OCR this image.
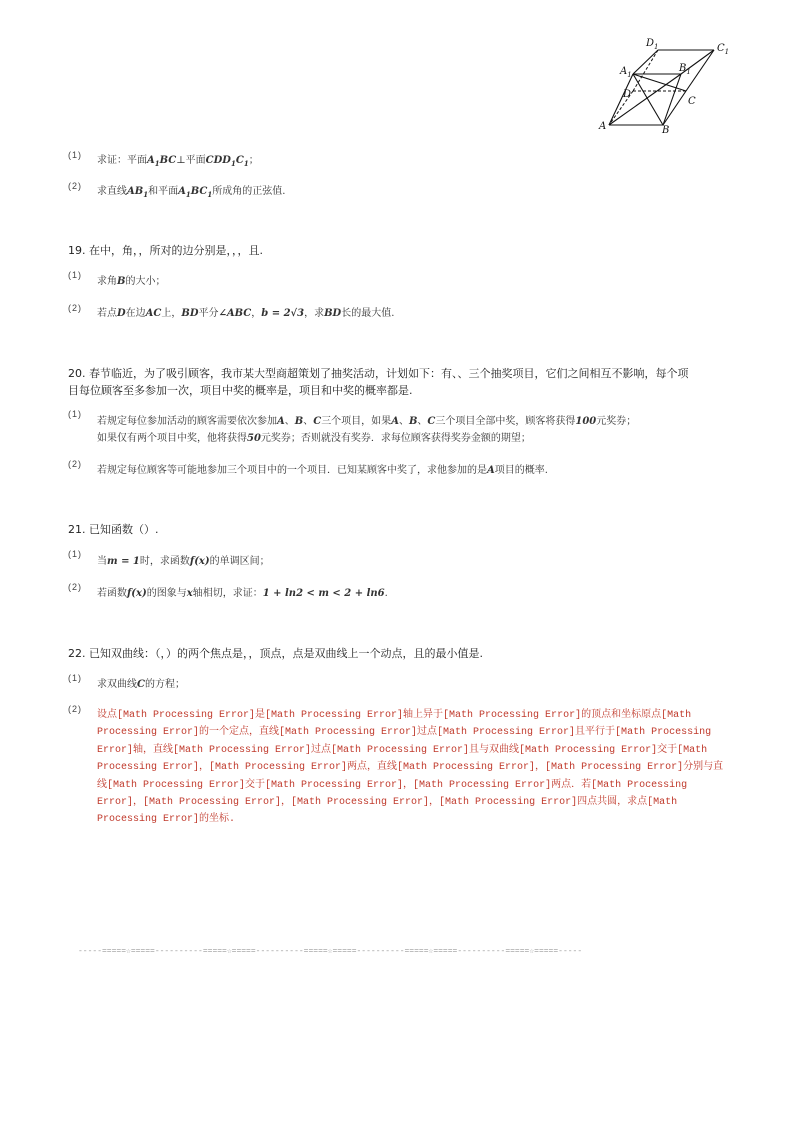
$D_1$	$C_1$
$A_1$
$B_1$
D
C
A	B
(1) 求证：平面$A_1BC\perp$平面$CDD_1C_1$；
(2) 求直线$AB_1$和平面$A_1BC_1$所成角的正弦值.
19. 在中，角，，所对的边分别是，，，且.
(1)
求角B的大小；
(2) 若点D在边AC上，BD平分∠ABC，b = 2√3，求BD长的最大值.
20. 春节临近，为了吸引顾客，我市某大型商超策划了抽奖活动，计划如下：有、、三个抽奖项目，它们之间相互不影响，每个项
目每位顾客至多参加一次，项目中奖的概率是，项目和中奖的概率都是.
(1)
若规定每位参加活动的顾客需要依次参加A、B、C三个项目，如果A、B、C三个项目全部中奖，顾客将获得100元奖券；
如果仅有两个项目中奖，他将获得50元奖券；否则就没有奖券．求每位顾客获得奖券金额的期望；
(2)
若规定每位顾客等可能地参加三个项目中的一个项目．已知某顾客中奖了，求他参加的是A项目的概率.
21. 已知函数（）.
(1)
当m = 1时，求函数f(x)的单调区间；
(2)
若函数f(x)的图象与x轴相切，求证：1 + ln2 < m < 2 + ln6.
22. 已知双曲线：（，）的两个焦点是，，顶点，点是双曲线上一个动点，且的最小值是.
(1)
求双曲线C的方程；
(2)
设点[Math Processing Error]是[Math Processing Error]轴上异于[Math Processing Error]的顶点和坐标原点[Math
Processing Error]的一个定点，直线[Math Processing Error]过点[Math Processing Error]且平行于[Math Processing
Error]轴，直线[Math Processing Error]过点[Math Processing Error]且与双曲线[Math Processing Error]交于[Math
Processing Error]，[Math Processing Error]两点，直线[Math Processing Error]，[Math Processing Error]分别与直
线[Math Processing Error]交于[Math Processing Error]，[Math Processing Error]两点．若[Math Processing
Error]，[Math Processing Error]，[Math Processing Error]，[Math Processing Error]四点共圆，求点[Math
Processing Error]的坐标.
-----=====☆=====----------=====☆=====----------=====☆=====----------=====☆=====----------=====☆=====-----
